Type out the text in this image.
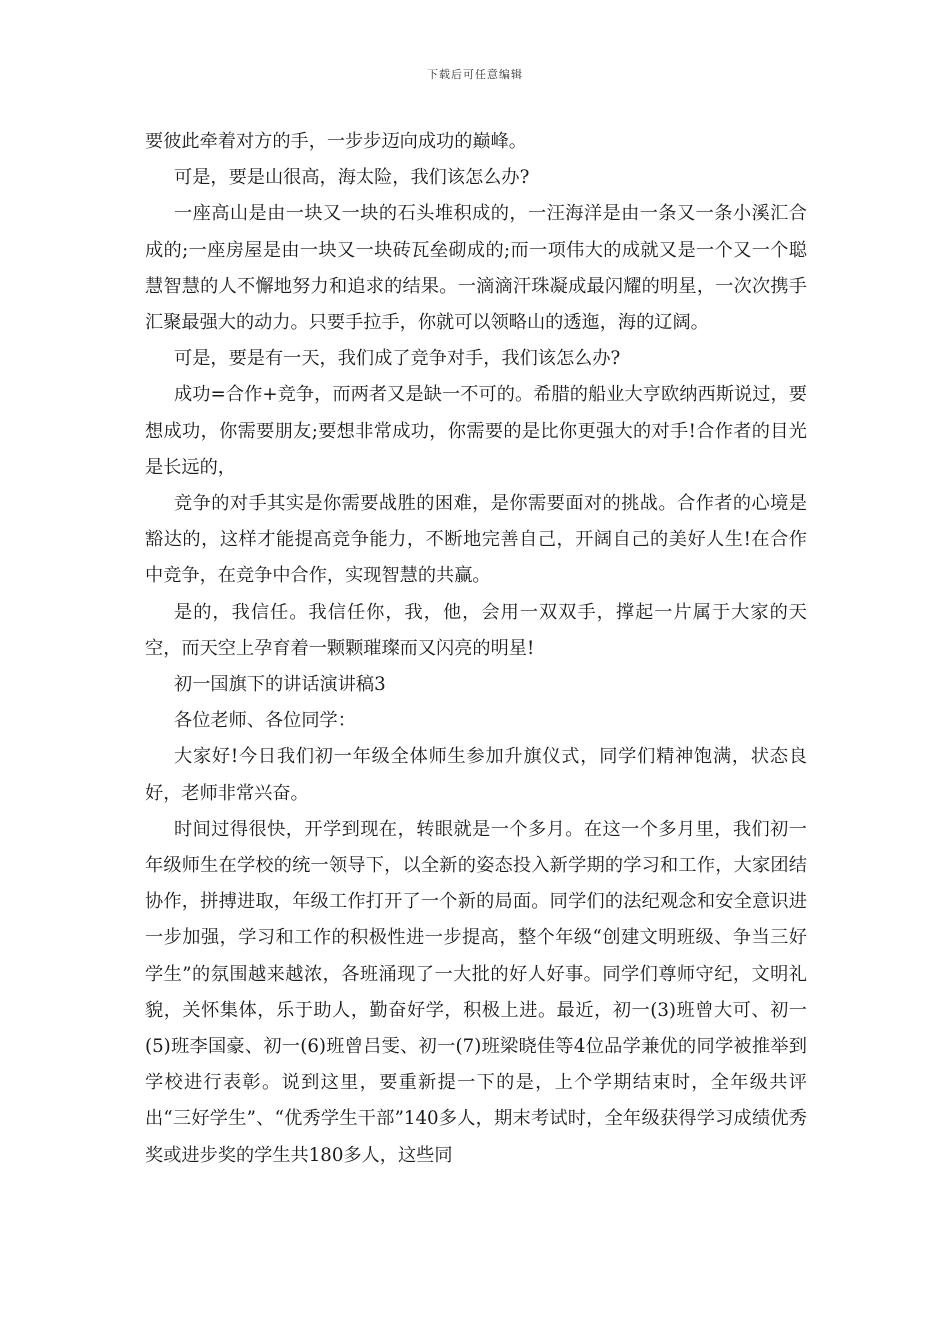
下载后可任意编辑

要彼此牵着对方的手，一步步迈向成功的巅峰。

可是，要是山很高，海太险，我们该怎么办?

一座高山是由一块又一块的石头堆积成的，一汪海洋是由一条又一条小溪汇合成的;一座房屋是由一块又一块砖瓦垒砌成的;而一项伟大的成就又是一个又一个聪慧智慧的人不懈地努力和追求的结果。一滴滴汗珠凝成最闪耀的明星，一次次携手汇聚最强大的动力。只要手拉手，你就可以领略山的透迤，海的辽阔。

可是，要是有一天，我们成了竞争对手，我们该怎么办?

成功=合作+竞争，而两者又是缺一不可的。希腊的船业大亨欧纳西斯说过，要想成功，你需要朋友;要想非常成功，你需要的是比你更强大的对手!合作者的目光是长远的，

竞争的对手其实是你需要战胜的困难，是你需要面对的挑战。合作者的心境是豁达的，这样才能提高竞争能力，不断地完善自己，开阔自己的美好人生!在合作中竞争，在竞争中合作，实现智慧的共赢。

是的，我信任。我信任你，我，他，会用一双双手，撑起一片属于大家的天空，而天空上孕育着一颗颗璀璨而又闪亮的明星!

初一国旗下的讲话演讲稿3

各位老师、各位同学：

大家好!今日我们初一年级全体师生参加升旗仪式，同学们精神饱满，状态良好，老师非常兴奋。

时间过得很快，开学到现在，转眼就是一个多月。在这一个多月里，我们初一年级师生在学校的统一领导下，以全新的姿态投入新学期的学习和工作，大家团结协作，拼搏进取，年级工作打开了一个新的局面。同学们的法纪观念和安全意识进一步加强，学习和工作的积极性进一步提高，整个年级“创建文明班级、争当三好学生”的氛围越来越浓，各班涌现了一大批的好人好事。同学们尊师守纪，文明礼貌，关怀集体，乐于助人，勤奋好学，积极上进。最近，初一(3)班曾大可、初一(5)班李国豪、初一(6)班曾吕雯、初一(7)班梁晓佳等4位品学兼优的同学被推举到学校进行表彰。说到这里，要重新提一下的是，上个学期结束时，全年级共评出“三好学生”、“优秀学生干部”140多人，期末考试时，全年级获得学习成绩优秀奖或进步奖的学生共180多人，这些同
